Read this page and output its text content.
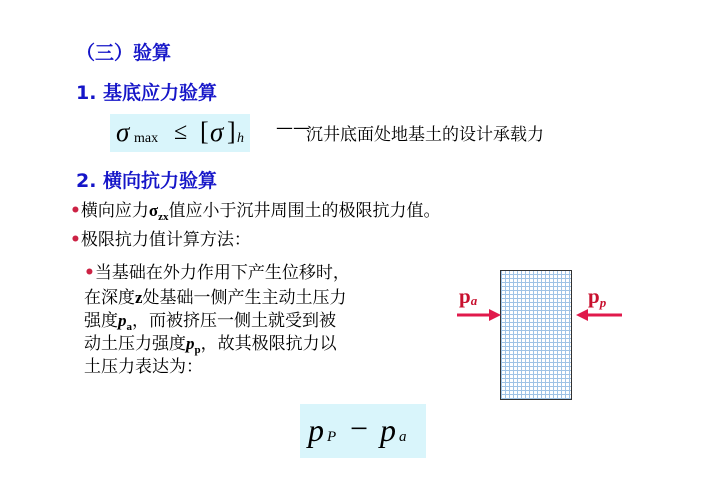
（三）验算
1. 基底应力验算
σ max ≤ [ σ ] h
——
沉井底面处地基土的设计承载力
2. 横向抗力验算
•横向应力$\sigma_{zx}$值应小于沉井周围土的极限抗力值。
•极限抗力值计算方法：
•当基础在外力作用下产生位移时，
在深度z处基础一侧产生主动土压力
强度$p_a$，而被挤压一侧土就受到被
动土压力强度$p_p$，故其极限抗力以
土压力表达为：
pa	pp
p P − p a
